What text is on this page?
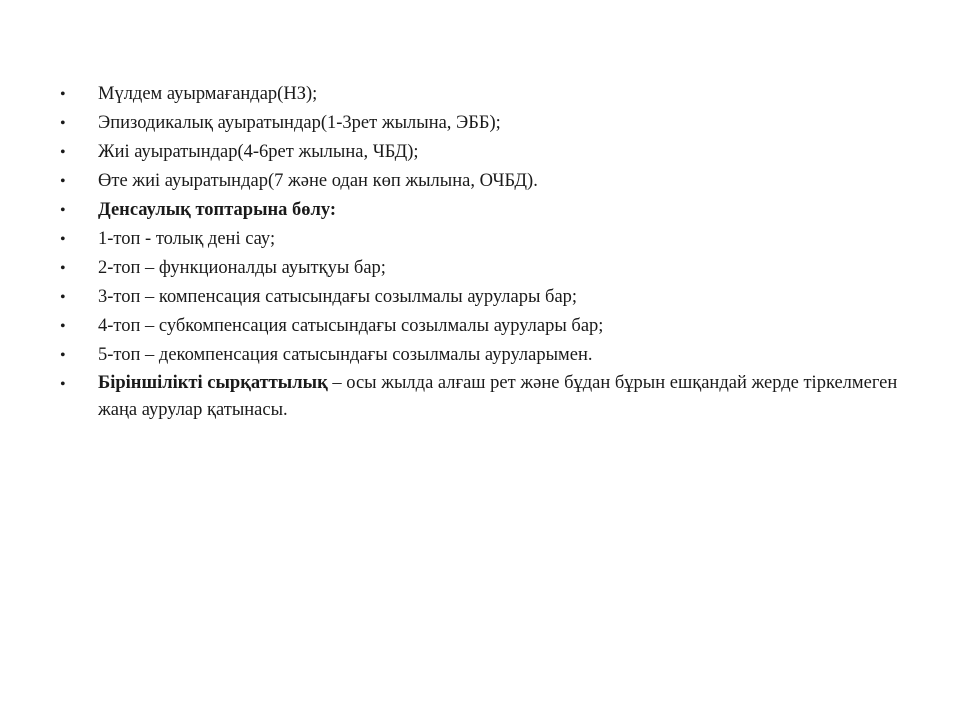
•	Мүлдем ауырмағандар(НЗ);
•	Эпизодикалық ауыратындар(1-3рет жылына, ЭББ);
•	Жиі ауыратындар(4-6рет жылына, ЧБД);
•	Өте жиі ауыратындар(7 және одан көп жылына, ОЧБД).
•	Денсаулық топтарына бөлу:
•	1-топ - толық дені сау;
•	2-топ – функционалды ауытқуы бар;
•	3-топ – компенсация сатысындағы созылмалы аурулары бар;
•	4-топ – субкомпенсация сатысындағы созылмалы аурулары бар;
•	5-топ – декомпенсация сатысындағы созылмалы ауруларымен.
•	Біріншілікті сырқаттылық – осы жылда алғаш рет және бұдан бұрын ешқандай жерде тіркелмеген жаңа аурулар қатынасы.
